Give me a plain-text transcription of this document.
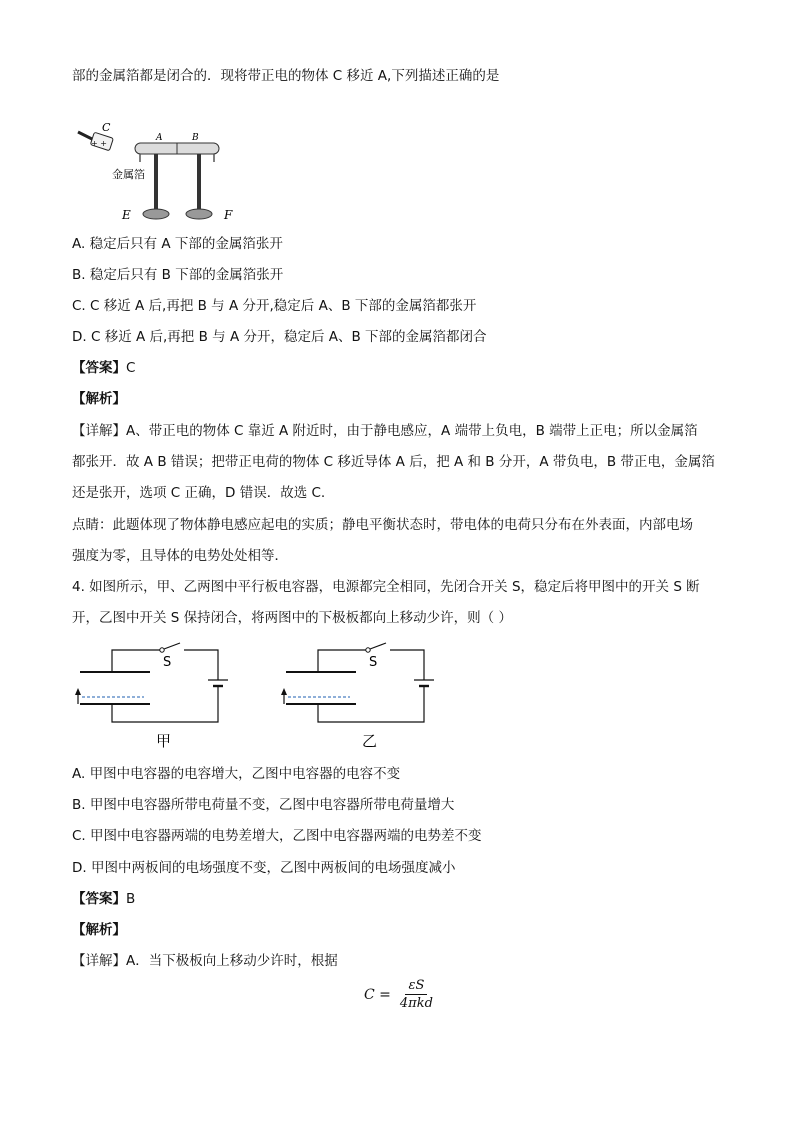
部的金属箔都是闭合的．现将带正电的物体 C 移近 A,下列描述正确的是
+ +
C
A	B
金属箔
E	F
A. 稳定后只有 A 下部的金属箔张开
B. 稳定后只有 B 下部的金属箔张开
C. C 移近 A 后,再把 B 与 A 分开,稳定后 A、B 下部的金属箔都张开
D. C 移近 A 后,再把 B 与 A 分开，稳定后 A、B 下部的金属箔都闭合
【答案】C
【解析】
【详解】A、带正电的物体 C 靠近 A 附近时，由于静电感应，A 端带上负电，B 端带上正电；所以金属箔
都张开．故 A B 错误；把带正电荷的物体 C 移近导体 A 后，把 A 和 B 分开，A 带负电，B 带正电，金属箔
还是张开，选项 C 正确，D 错误．故选 C.
点睛：此题体现了物体静电感应起电的实质；静电平衡状态时，带电体的电荷只分布在外表面，内部电场
强度为零，且导体的电势处处相等．
4. 如图所示，甲、乙两图中平行板电容器，电源都完全相同，先闭合开关 S，稳定后将甲图中的开关 S 断
开，乙图中开关 S 保持闭合，将两图中的下极板都向上移动少许，则（ ）
S
甲
S
乙
A. 甲图中电容器的电容增大，乙图中电容器的电容不变
B. 甲图中电容器所带电荷量不变，乙图中电容器所带电荷量增大
C. 甲图中电容器两端的电势差增大，乙图中电容器两端的电势差不变
D. 甲图中两板间的电场强度不变，乙图中两板间的电场强度减小
【答案】B
【解析】
【详解】A．当下极板向上移动少许时，根据
$C = \frac{\varepsilon S}{\text{4πkd}}$
